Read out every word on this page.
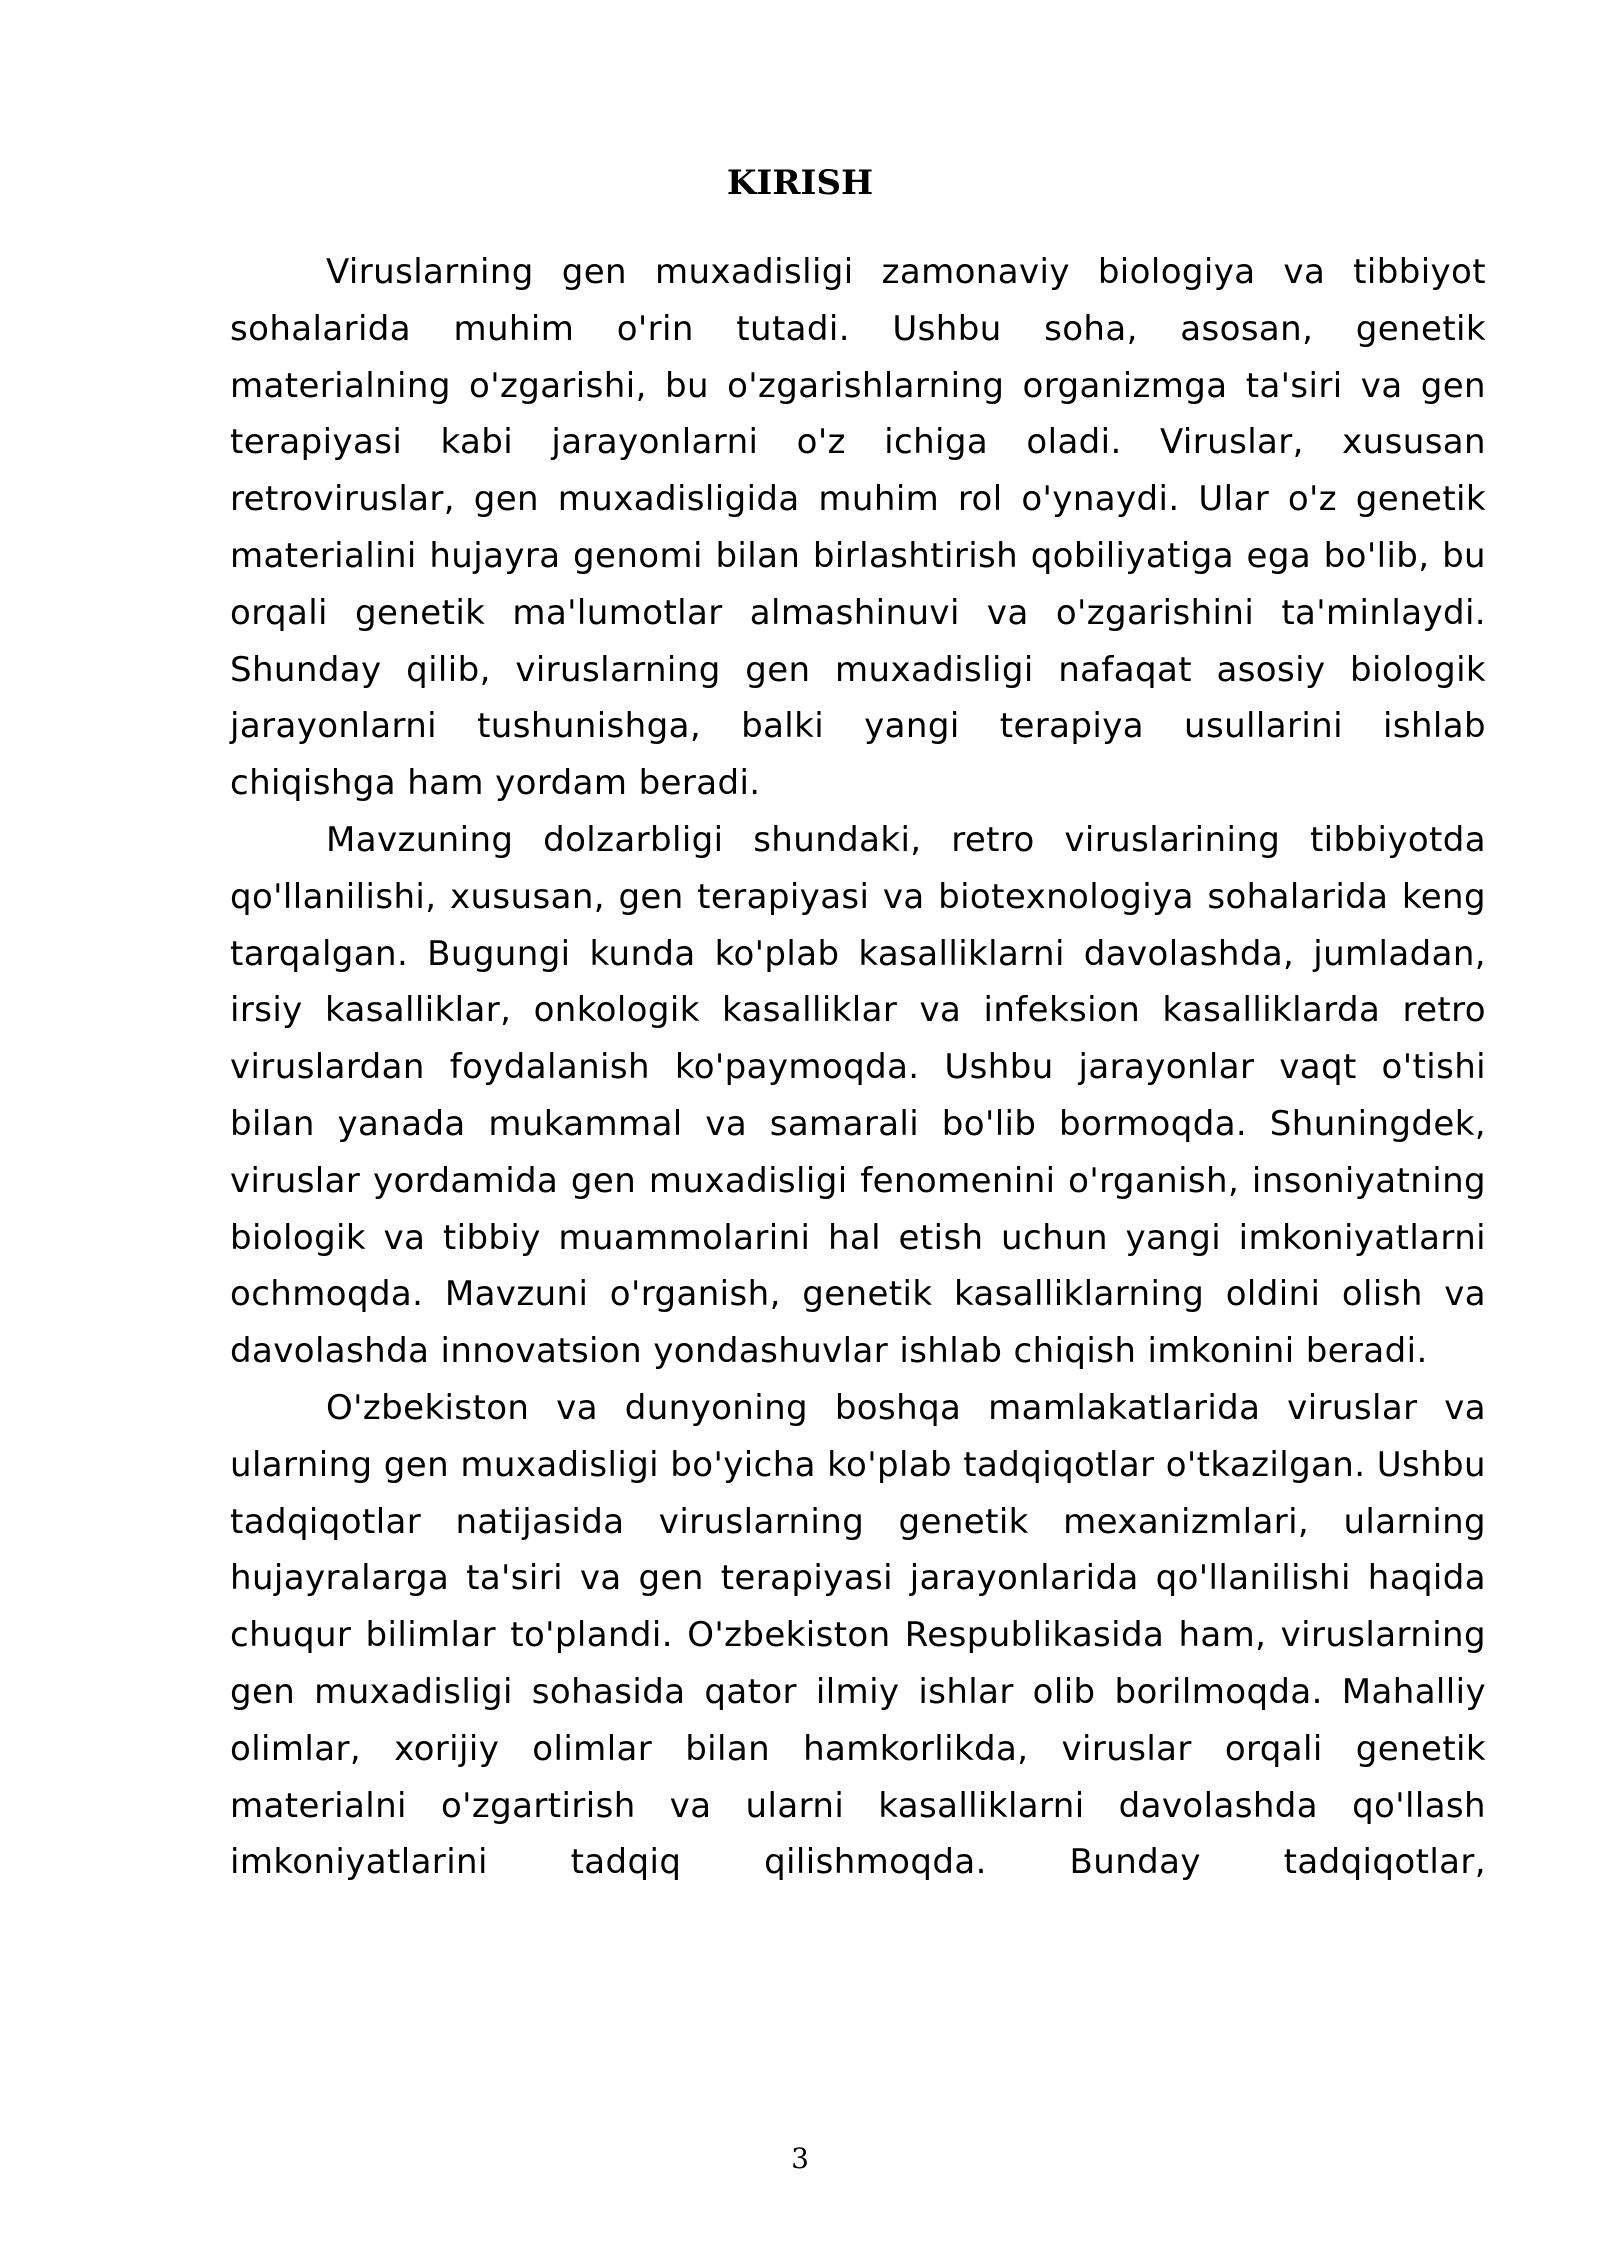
KIRISH

Viruslarning gen muxadisligi zamonaviy biologiya va tibbiyot sohalarida muhim o'rin tutadi. Ushbu soha, asosan, genetik materialning o'zgarishi, bu o'zgarishlarning organizmga ta'siri va gen terapiyasi kabi jarayonlarni o'z ichiga oladi. Viruslar, xususan retroviruslar, gen muxadisligida muhim rol o'ynaydi. Ular o'z genetik materialini hujayra genomi bilan birlashtirish qobiliyatiga ega bo'lib, bu orqali genetik ma'lumotlar almashinuvi va o'zgarishini ta'minlaydi. Shunday qilib, viruslarning gen muxadisligi nafaqat asosiy biologik jarayonlarni tushunishga, balki yangi terapiya usullarini ishlab chiqishga ham yordam beradi.

Mavzuning dolzarbligi shundaki, retro viruslarining tibbiyotda qo'llanilishi, xususan, gen terapiyasi va biotexnologiya sohalarida keng tarqalgan. Bugungi kunda ko'plab kasalliklarni davolashda, jumladan, irsiy kasalliklar, onkologik kasalliklar va infeksion kasalliklarda retro viruslardan foydalanish ko'paymoqda. Ushbu jarayonlar vaqt o'tishi bilan yanada mukammal va samarali bo'lib bormoqda. Shuningdek, viruslar yordamida gen muxadisligi fenomenini o'rganish, insoniyatning biologik va tibbiy muammolarini hal etish uchun yangi imkoniyatlarni ochmoqda. Mavzuni o'rganish, genetik kasalliklarning oldini olish va davolashda innovatsion yondashuvlar ishlab chiqish imkonini beradi.

O'zbekiston va dunyoning boshqa mamlakatlarida viruslar va ularning gen muxadisligi bo'yicha ko'plab tadqiqotlar o'tkazilgan. Ushbu tadqiqotlar natijasida viruslarning genetik mexanizmlari, ularning hujayralarga ta'siri va gen terapiyasi jarayonlarida qo'llanilishi haqida chuqur bilimlar to'plandi. O'zbekiston Respublikasida ham, viruslarning gen muxadisligi sohasida qator ilmiy ishlar olib borilmoqda. Mahalliy olimlar, xorijiy olimlar bilan hamkorlikda, viruslar orqali genetik materialni o'zgartirish va ularni kasalliklarni davolashda qo'llash imkoniyatlarini tadqiq qilishmoqda. Bunday tadqiqotlar,

3
